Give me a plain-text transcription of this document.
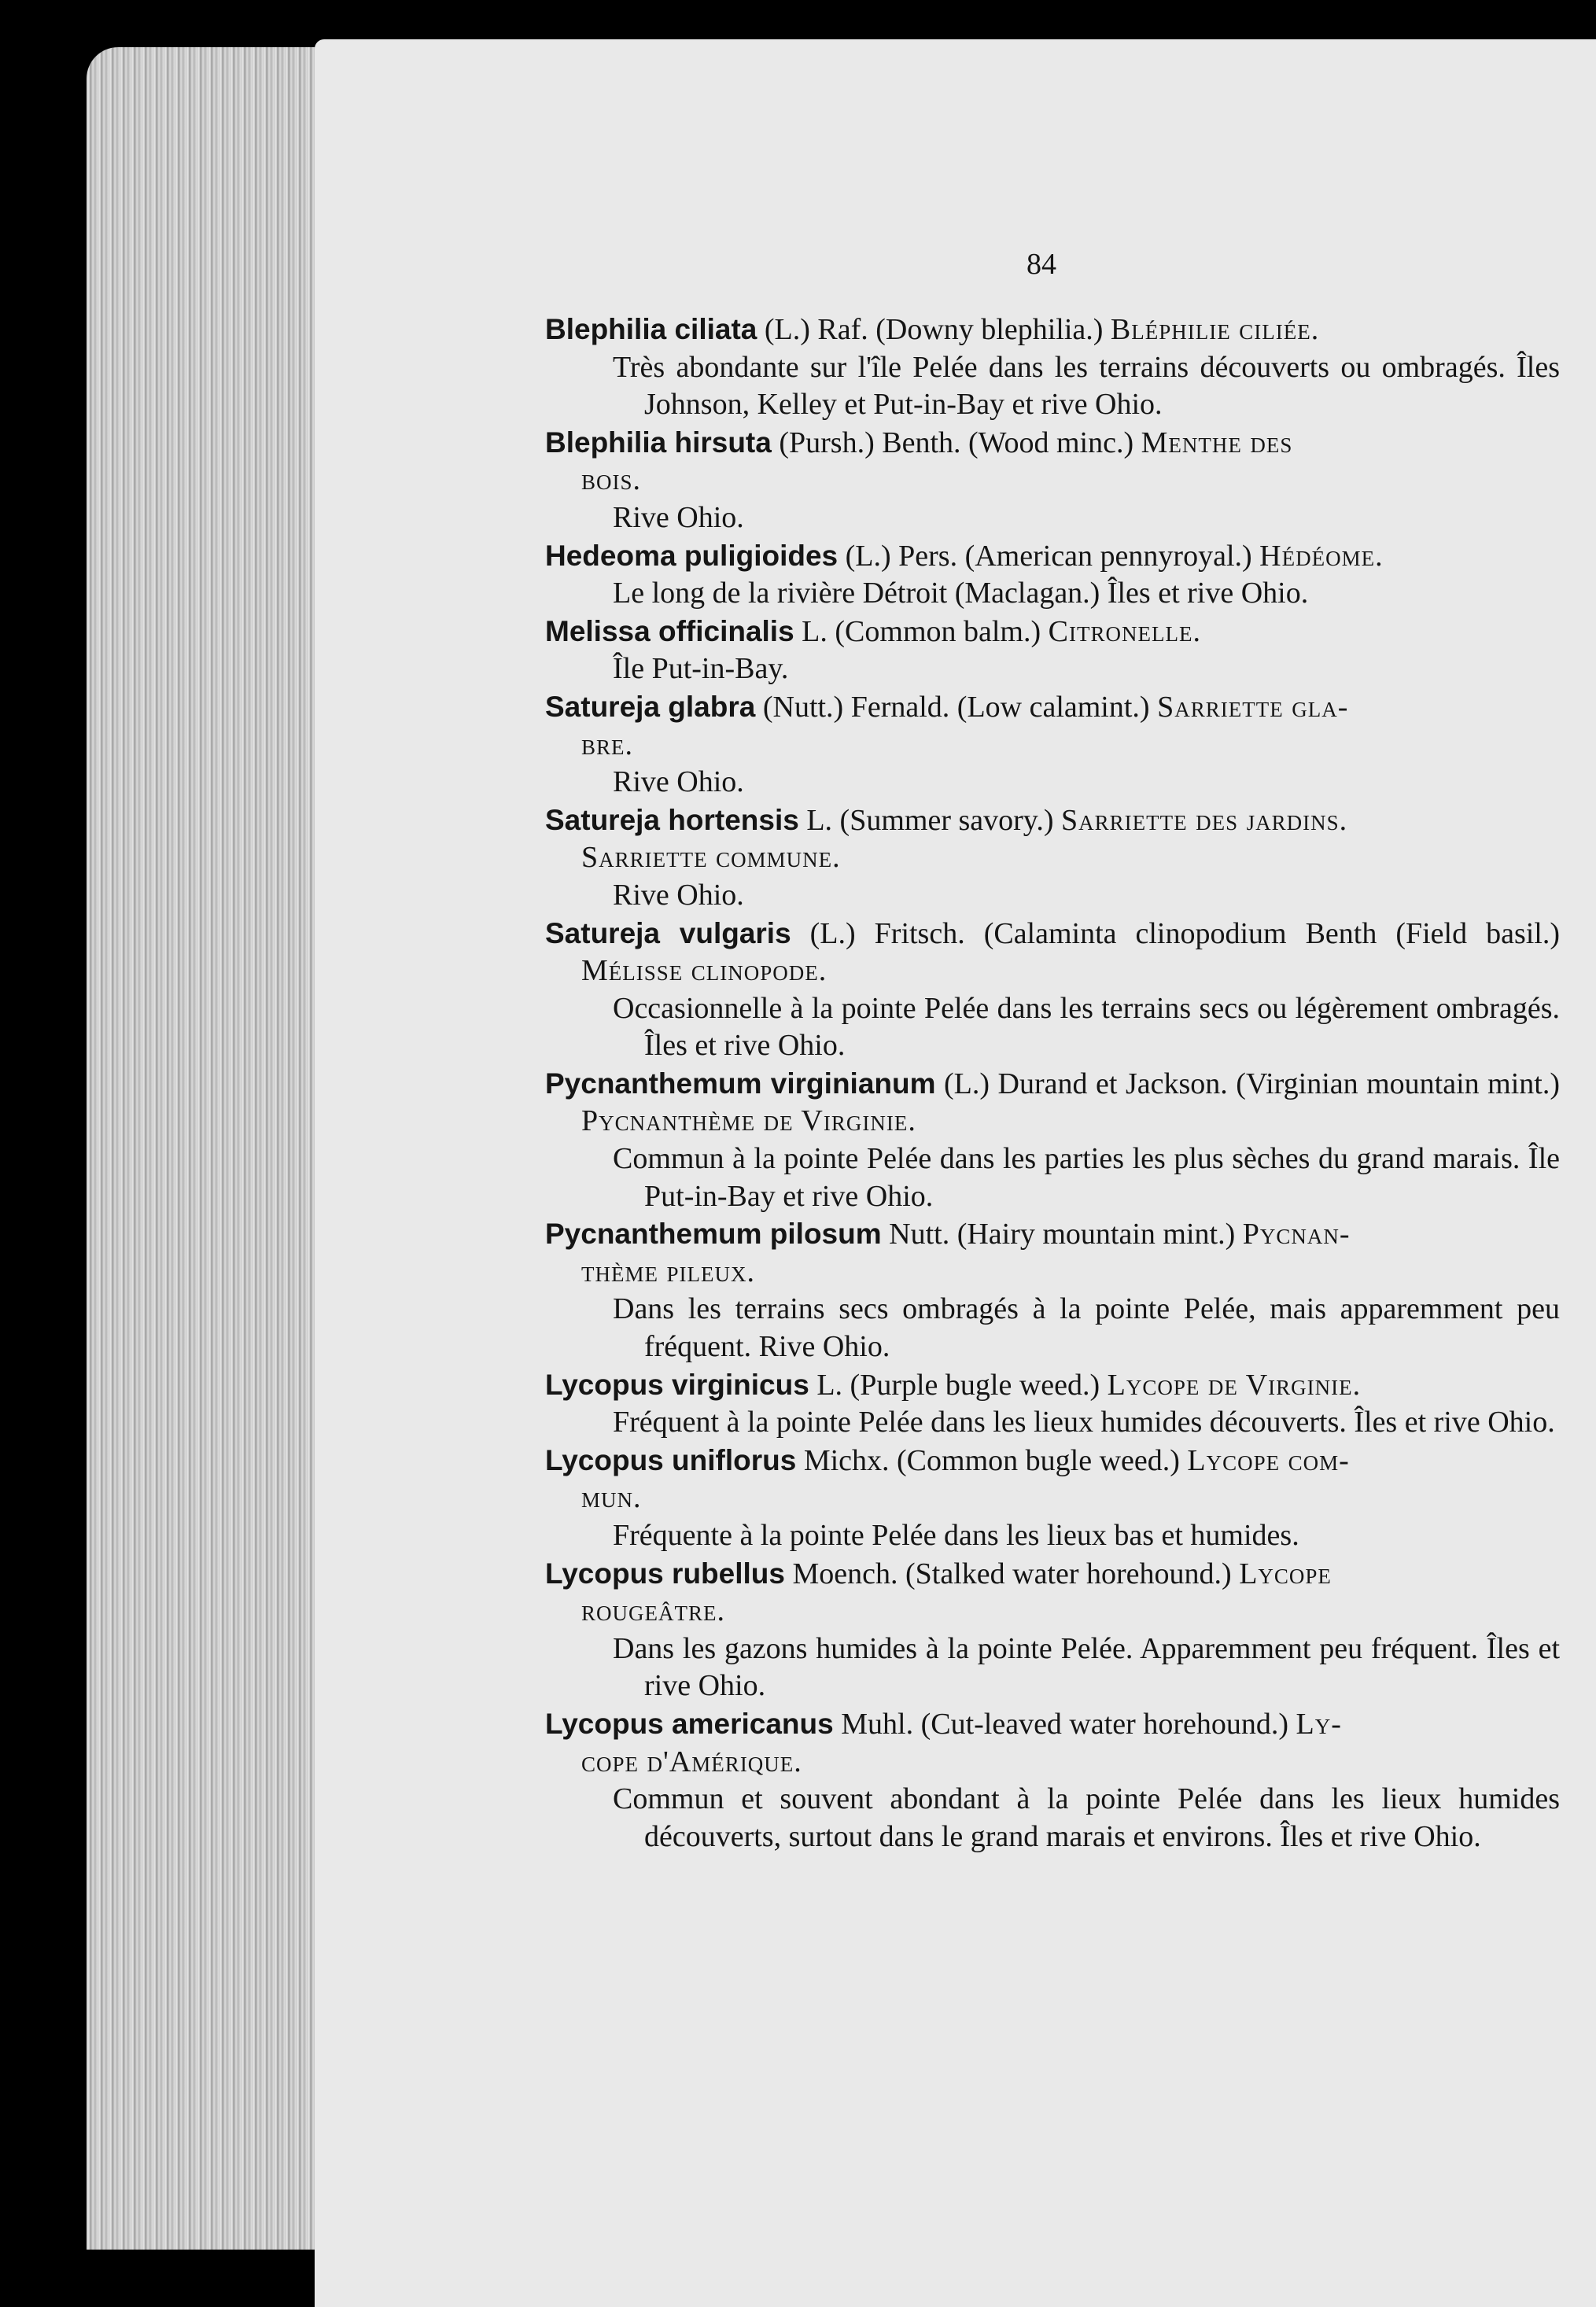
84
Blephilia ciliata (L.) Raf. (Downy blephilia.) Bléphilie ciliée.
Très abondante sur l'île Pelée dans les terrains découverts ou ombragés. Îles Johnson, Kelley et Put-in-Bay et rive Ohio.
Blephilia hirsuta (Pursh.) Benth. (Wood minc.) Menthe des
bois.
Rive Ohio.
Hedeoma puligioides (L.) Pers. (American pennyroyal.) Hédéome.
Le long de la rivière Détroit (Maclagan.) Îles et rive Ohio.
Melissa officinalis L. (Common balm.) Citronelle.
Île Put-in-Bay.
Satureja glabra (Nutt.) Fernald. (Low calamint.) Sarriette gla-
bre.
Rive Ohio.
Satureja hortensis L. (Summer savory.) Sarriette des jardins.
Sarriette commune.
Rive Ohio.
Satureja vulgaris (L.) Fritsch. (Calaminta clinopodium Benth (Field basil.) Mélisse clinopode.
Occasionnelle à la pointe Pelée dans les terrains secs ou légèrement ombragés. Îles et rive Ohio.
Pycnanthemum virginianum (L.) Durand et Jackson. (Virginian mountain mint.) Pycnanthème de Virginie.
Commun à la pointe Pelée dans les parties les plus sèches du grand marais. Île Put-in-Bay et rive Ohio.
Pycnanthemum pilosum Nutt. (Hairy mountain mint.) Pycnan-
thème pileux.
Dans les terrains secs ombragés à la pointe Pelée, mais apparemment peu fréquent. Rive Ohio.
Lycopus virginicus L. (Purple bugle weed.) Lycope de Virginie.
Fréquent à la pointe Pelée dans les lieux humides découverts. Îles et rive Ohio.
Lycopus uniflorus Michx. (Common bugle weed.) Lycope com-
mun.
Fréquente à la pointe Pelée dans les lieux bas et humides.
Lycopus rubellus Moench. (Stalked water horehound.) Lycope
rougeâtre.
Dans les gazons humides à la pointe Pelée. Apparemment peu fréquent. Îles et rive Ohio.
Lycopus americanus Muhl. (Cut-leaved water horehound.) Ly-
cope d'Amérique.
Commun et souvent abondant à la pointe Pelée dans les lieux humides découverts, surtout dans le grand marais et environs. Îles et rive Ohio.
